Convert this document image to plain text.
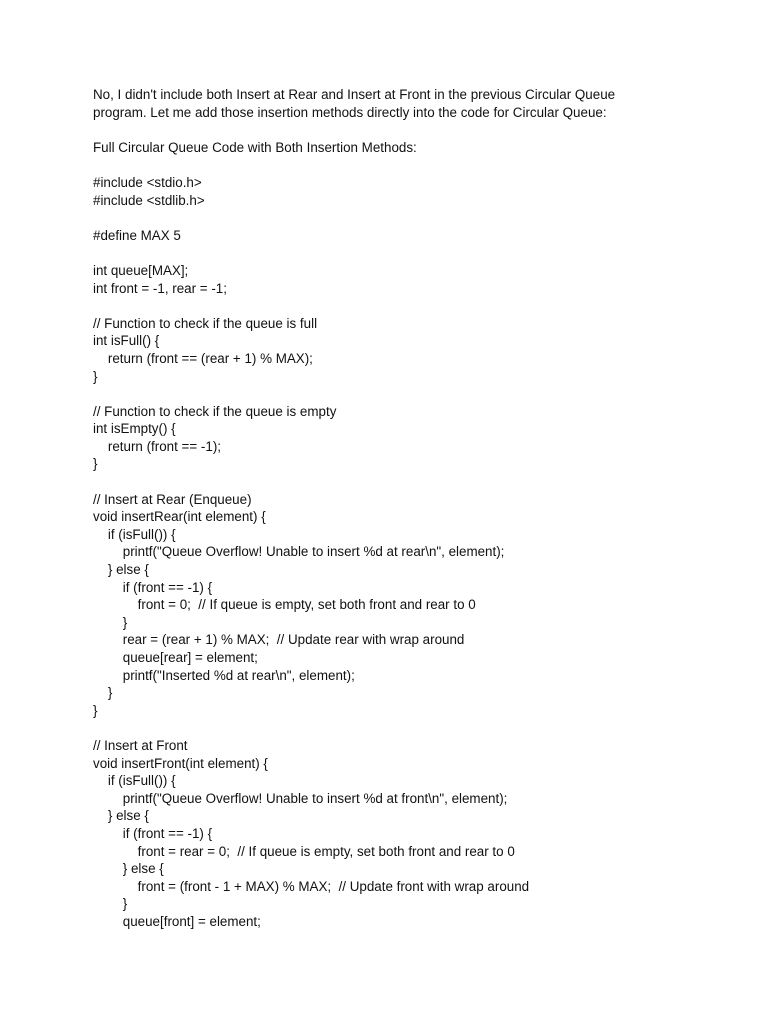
No, I didn't include both Insert at Rear and Insert at Front in the previous Circular Queue
program. Let me add those insertion methods directly into the code for Circular Queue:
Full Circular Queue Code with Both Insertion Methods:
#include <stdio.h>
#include <stdlib.h>
#define MAX 5
int queue[MAX];
int front = -1, rear = -1;
// Function to check if the queue is full
int isFull() {
return (front == (rear + 1) % MAX);
}
// Function to check if the queue is empty
int isEmpty() {
return (front == -1);
}
// Insert at Rear (Enqueue)
void insertRear(int element) {
if (isFull()) {
printf("Queue Overflow! Unable to insert %d at rear\n", element);
} else {
if (front == -1) {
front = 0;  // If queue is empty, set both front and rear to 0
}
rear = (rear + 1) % MAX;  // Update rear with wrap around
queue[rear] = element;
printf("Inserted %d at rear\n", element);
}
}
// Insert at Front
void insertFront(int element) {
if (isFull()) {
printf("Queue Overflow! Unable to insert %d at front\n", element);
} else {
if (front == -1) {
front = rear = 0;  // If queue is empty, set both front and rear to 0
} else {
front = (front - 1 + MAX) % MAX;  // Update front with wrap around
}
queue[front] = element;
